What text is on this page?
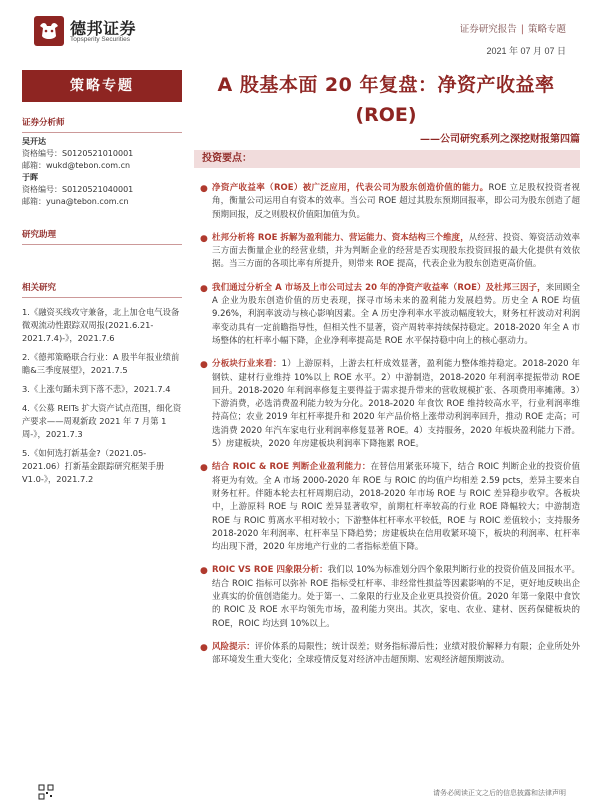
德邦证券
Topsperity Securities
证券研究报告 | 策略专题
2021 年 07 月 07 日
策略专题
证券分析师
吴开达
资格编号：S0120521010001
邮箱：wukd@tebon.com.cn
于晖
资格编号：S0120521040001
邮箱：yuna@tebon.com.cn
研究助理
相关研究
1.《融资买线攻守兼备，北上加仓电气设备微观流动性跟踪双周报(2021.6.21-2021.7.4)-》，2021.7.6
2.《德邦策略联合行业：A 股半年报业绩前瞻&三季度展望》，2021.7.5
3.《上涨句踊未到下落不悲》，2021.7.4
4.《公募 REITs 扩大资产试点范围，细化资产要求——周观新政 2021 年 7 月第 1 周-》，2021.7.3
5.《如何选打新基金?（2021.05-2021.06）打新基金跟踪研究框架手册 V1.0-》，2021.7.2
A 股基本面 20 年复盘：净资产收益率
(ROE)
——公司研究系列之深挖财报第四篇
投资要点：
● 净资产收益率（ROE）被广泛应用，代表公司为股东创造价值的能力。ROE 立足股权投资者视角，衡量公司运用自有资本的效率。当公司 ROE 超过其股东预期回报率，即公司为股东创造了超预期回报，反之则股权价值阳加值为负。
● 杜邦分析将 ROE 拆解为盈利能力、营运能力、资本结构三个维度，从经营、投资、筹资活动效率三方面去衡量企业的经营业绩，并为判断企业的经营是否实现股东投资回报的最大化提供有效依据。当三方面的各项比率有所提升，则带来 ROE 提高，代表企业为股东创造更高价值。
● 我们通过分析全 A 市场及上市公司过去 20 年的净资产收益率（ROE）及杜邦三因子，来回顾全 A 企业为股东创造价值的历史表现，探寻市场未来的盈利能力发展趋势。历史全 A ROE 均值 9.26%，利润率波动与核心影响因素。全 A 历史净利率水平波动幅度较大，财务杠杆波动对利润率变动具有一定前瞻指导性，但相关性不显著，资产周转率持续保持稳定。2018-2020 年全 A 市场整体的杠杆率小幅下降，企业净利率提高是 ROE 水平保持稳中向上的核心驱动力。
● 分板块行业来看：1）上游原料，上游去杠杆成效显著，盈利能力整体维持稳定。2018-2020 年钢铁、建材行业维持 10%以上 ROE 水平。2）中游制造，2018-2020 年利润率提振带动 ROE 回升。2018-2020 年利润率修复主要得益于需求提升带来的营收规模扩张、各项费用率摊薄。3）下游消费，必选消费盈利能力较为分化。2018-2020 年食饮 ROE 维持较高水平，行业利润率维持高位；农业 2019 年杠杆率提升和 2020 年产品价格上涨带动利润率回升，推动 ROE 走高；可选消费 2020 年汽车家电行业利润率修复显著 ROE。4）支持服务，2020 年板块盈利能力下滑。5）房建板块，2020 年房建板块利润率下降拖累 ROE。
● 结合 ROIC & ROE 判断企业盈利能力：在替信用紧张环境下，结合 ROIC 判断企业的投资价值将更为有效。全 A 市场 2000-2020 年 ROE 与 ROIC 的均值户均相差 2.59 pcts，差异主要来自财务杠杆。伴随本轮去杠杆周期启动，2018-2020 年市场 ROE 与 ROIC 差异稳步收窄。各板块中，上游原料 ROE 与 ROIC 差异显著收窄，前期杠杆率较高的行业 ROE 降幅较大；中游制造 ROE 与 ROIC 剪离水平相对较小；下游整体杠杆率水平较低，ROE 与 ROIC 差值较小；支持服务 2018-2020 年利润率、杠杆率呈下降趋势；房建板块在信用收紧环境下，板块的利润率、杠杆率均出现下滑，2020 年房地产行业的二者指标差值下降。
● ROIC VS ROE 四象限分析：我们以 10%为标准划分四个象限判断行业的投资价值及回报水平。结合 ROIC 指标可以弥补 ROE 指标受杠杆率、非经常性损益等因素影响的不足，更好地反映出企业真实的价值创造能力。处于第一、二象限的行业及企业更具投资价值。2020 年第一象限中食饮的 ROIC 及 ROE 水平均领先市场，盈利能力突出。其次，家电、农业、建材、医药保健板块的 ROE，ROIC 均达到 10%以上。
● 风险提示：评价体系的局限性；统计误差；财务指标滞后性；业绩对股价解释力有限；企业所处外部环境发生重大变化；全球疫情反复对经济冲击超预期、宏观经济超预期波动。
请务必阅读正文之后的信息披露和法律声明
